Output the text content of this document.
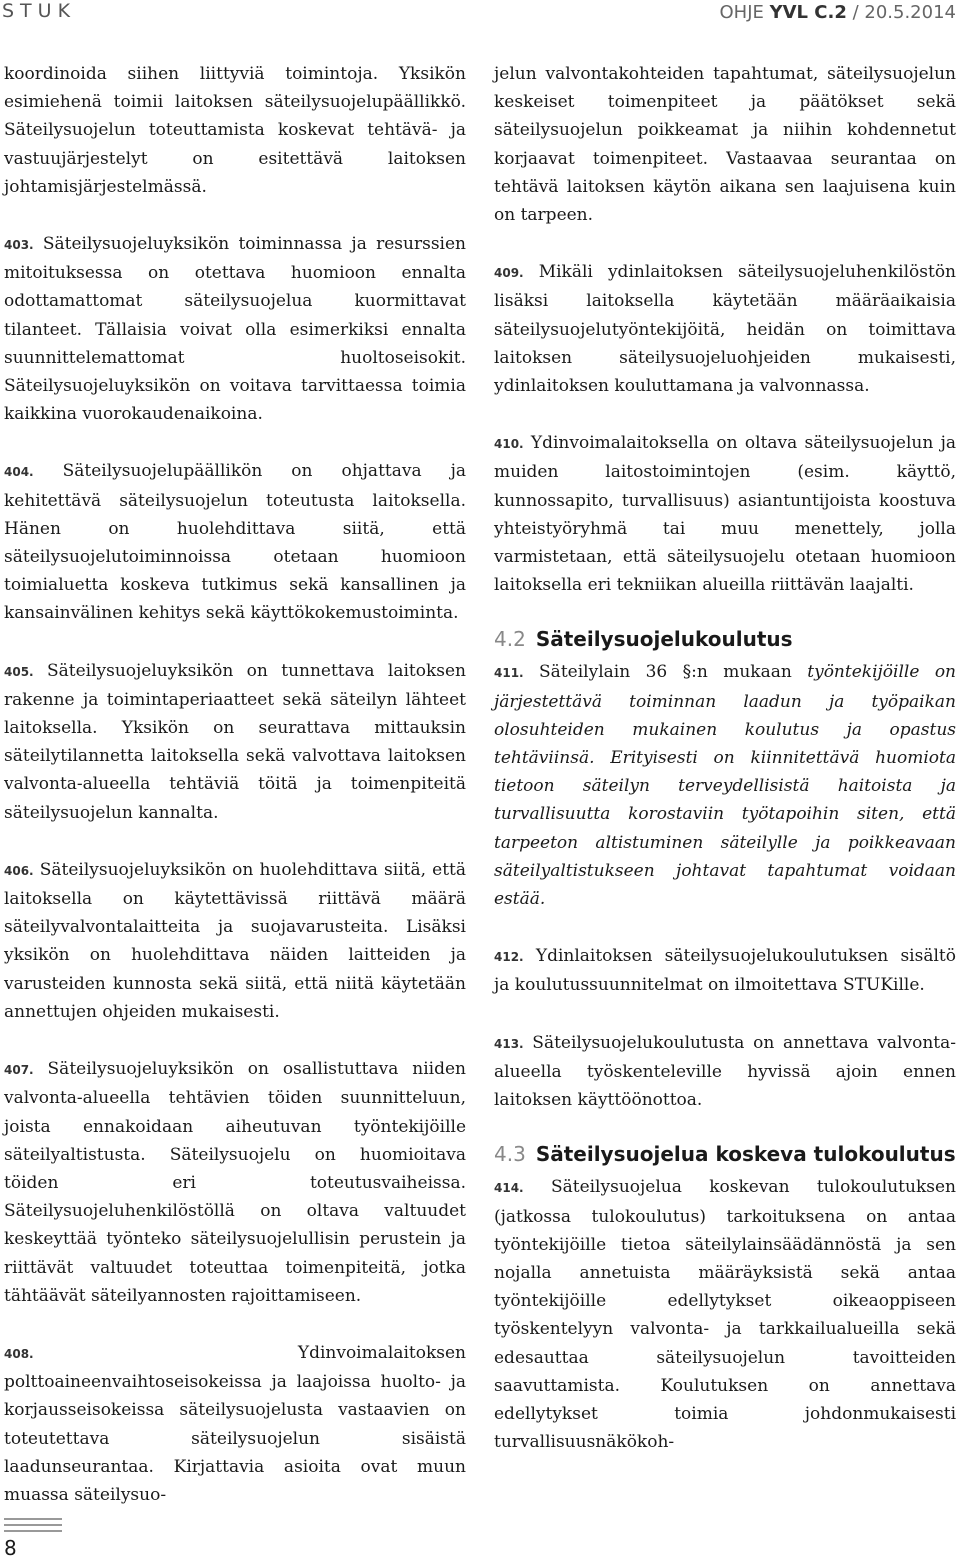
STUK	OHJE YVL C.2 / 20.5.2014

koordinoida siihen liittyviä toimintoja. Yksikön esimiehenä toimii laitoksen säteilysuojelupäällikkö. Säteilysuojelun toteuttamista koskevat tehtävä- ja vastuujärjestelyt on esitettävä laitoksen johtamisjärjestelmässä.

403. Säteilysuojeluyksikön toiminnassa ja resurssien mitoituksessa on otettava huomioon ennalta odottamattomat säteilysuojelua kuormittavat tilanteet. Tällaisia voivat olla esimerkiksi ennalta suunnittelemattomat huoltoseisokit. Säteilysuojeluyksikön on voitava tarvittaessa toimia kaikkina vuorokaudenaikoina.

404. Säteilysuojelupäällikön on ohjattava ja kehitettävä säteilysuojelun toteutusta laitoksella. Hänen on huolehdittava siitä, että säteilysuojelutoiminnoissa otetaan huomioon toimialuetta koskeva tutkimus sekä kansallinen ja kansainvälinen kehitys sekä käyttökokemustoiminta.

405. Säteilysuojeluyksikön on tunnettava laitoksen rakenne ja toimintaperiaatteet sekä säteilyn lähteet laitoksella. Yksikön on seurattava mittauksin säteilytilannetta laitoksella sekä valvottava laitoksen valvonta-alueella tehtäviä töitä ja toimenpiteitä säteilysuojelun kannalta.

406. Säteilysuojeluyksikön on huolehdittava siitä, että laitoksella on käytettävissä riittävä määrä säteilyvalvontalaitteita ja suojavarusteita. Lisäksi yksikön on huolehdittava näiden laitteiden ja varusteiden kunnosta sekä siitä, että niitä käytetään annettujen ohjeiden mukaisesti.

407. Säteilysuojeluyksikön on osallistuttava niiden valvonta-alueella tehtävien töiden suunnitteluun, joista ennakoidaan aiheutuvan työntekijöille säteilyaltistusta. Säteilysuojelu on huomioitava töiden eri toteutusvaiheissa. Säteilysuojeluhenkilöstöllä on oltava valtuudet keskeyttää työnteko säteilysuojelullisin perustein ja riittävät valtuudet toteuttaa toimenpiteitä, jotka tähtäävät säteilyannosten rajoittamiseen.

408. Ydinvoimalaitoksen polttoaineenvaihtoseisokeissa ja laajoissa huolto- ja korjausseisokeissa säteilysuojelusta vastaavien on toteutettava säteilysuojelun sisäistä laadunseurantaa. Kirjattavia asioita ovat muun muassa säteilysuo-

jelun valvontakohteiden tapahtumat, säteilysuojelun keskeiset toimenpiteet ja päätökset sekä säteilysuojelun poikkeamat ja niihin kohdennetut korjaavat toimenpiteet. Vastaavaa seurantaa on tehtävä laitoksen käytön aikana sen laajuisena kuin on tarpeen.

409. Mikäli ydinlaitoksen säteilysuojeluhenkilöstön lisäksi laitoksella käytetään määräaikaisia säteilysuojelutyöntekijöitä, heidän on toimittava laitoksen säteilysuojeluohjeiden mukaisesti, ydinlaitoksen kouluttamana ja valvonnassa.

410. Ydinvoimalaitoksella on oltava säteilysuojelun ja muiden laitostoimintojen (esim. käyttö, kunnossapito, turvallisuus) asiantuntijoista koostuva yhteistyöryhmä tai muu menettely, jolla varmistetaan, että säteilysuojelu otetaan huomioon laitoksella eri tekniikan alueilla riittävän laajalti.

4.2 Säteilysuojelukoulutus

411. Säteilylain 36 §:n mukaan työntekijöille on järjestettävä toiminnan laadun ja työpaikan olosuhteiden mukainen koulutus ja opastus tehtäviinsä. Erityisesti on kiinnitettävä huomiota tietoon säteilyn terveydellisistä haitoista ja turvallisuutta korostaviin työtapoihin siten, että tarpeeton altistuminen säteilylle ja poikkeavaan säteilyaltistukseen johtavat tapahtumat voidaan estää.

412. Ydinlaitoksen säteilysuojelukoulutuksen sisältö ja koulutussuunnitelmat on ilmoitettava STUKille.

413. Säteilysuojelukoulutusta on annettava valvonta-alueella työskenteleville hyvissä ajoin ennen laitoksen käyttöönottoa.

4.3 Säteilysuojelua koskeva tulokoulutus

414. Säteilysuojelua koskevan tulokoulutuksen (jatkossa tulokoulutus) tarkoituksena on antaa työntekijöille tietoa säteilylainsäädännöstä ja sen nojalla annetuista määräyksistä sekä antaa työntekijöille edellytykset oikeaoppiseen työskentelyyn valvonta- ja tarkkailualueilla sekä edesauttaa säteilysuojelun tavoitteiden saavuttamista. Koulutuksen on annettava edellytykset toimia johdonmukaisesti turvallisuusnäkökoh-

8
